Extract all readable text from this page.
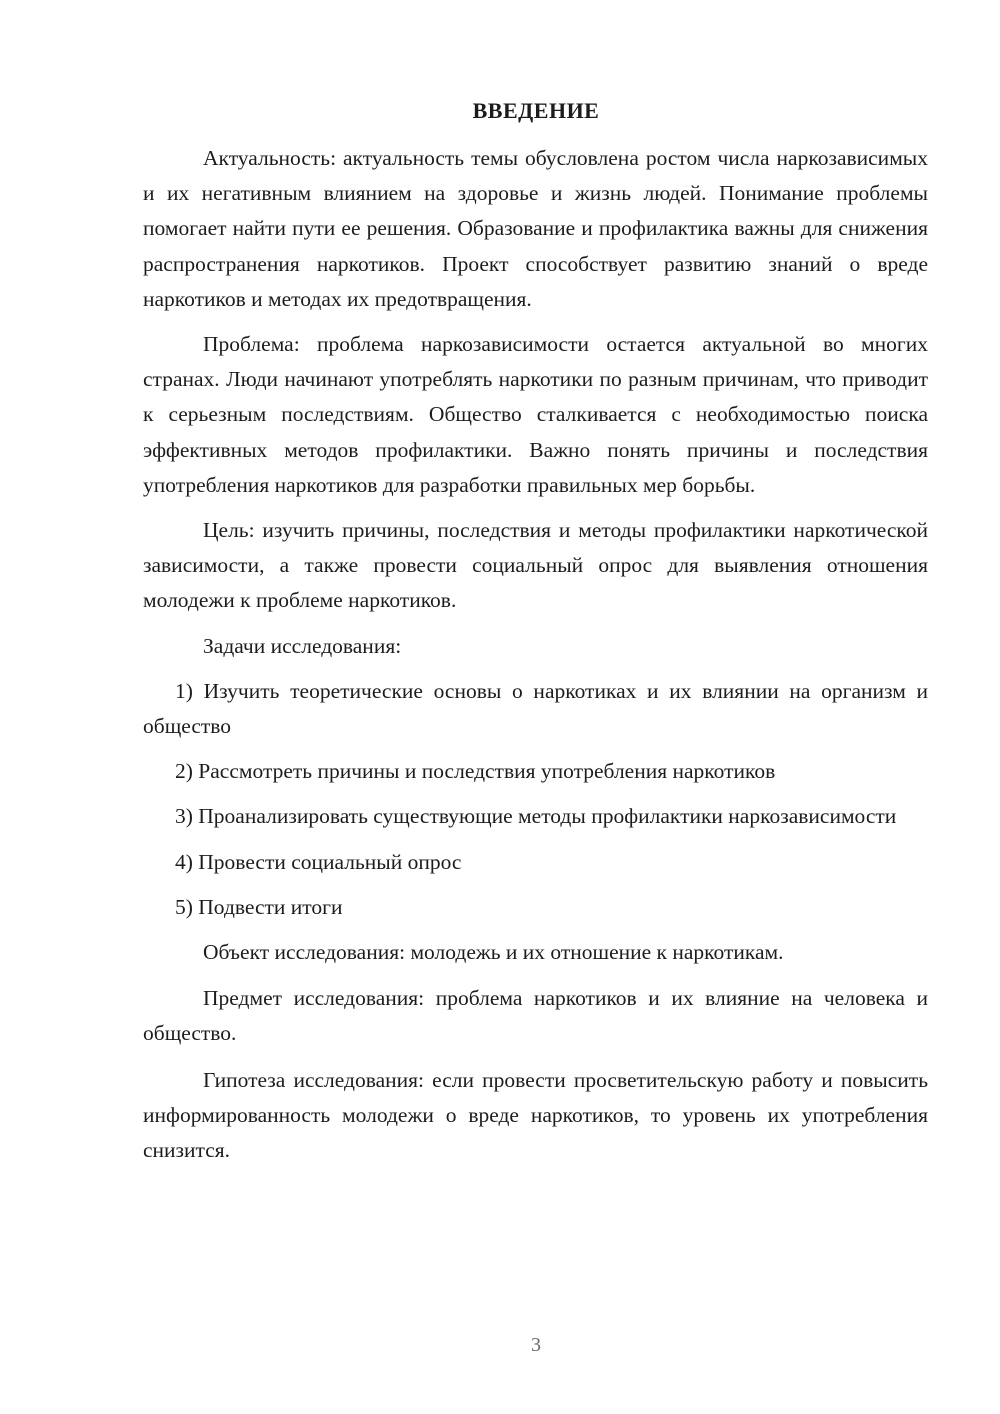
ВВЕДЕНИЕ

Актуальность: актуальность темы обусловлена ростом числа наркозависимых и их негативным влиянием на здоровье и жизнь людей. Понимание проблемы помогает найти пути ее решения. Образование и профилактика важны для снижения распространения наркотиков. Проект способствует развитию знаний о вреде наркотиков и методах их предотвращения.

Проблема: проблема наркозависимости остается актуальной во многих странах. Люди начинают употреблять наркотики по разным причинам, что приводит к серьезным последствиям. Общество сталкивается с необходимостью поиска эффективных методов профилактики. Важно понять причины и последствия употребления наркотиков для разработки правильных мер борьбы.

Цель: изучить причины, последствия и методы профилактики наркотической зависимости, а также провести социальный опрос для выявления отношения молодежи к проблеме наркотиков.

Задачи исследования:

1) Изучить теоретические основы о наркотиках и их влиянии на организм и общество

2) Рассмотреть причины и последствия употребления наркотиков

3) Проанализировать существующие методы профилактики наркозависимости

4) Провести социальный опрос

5) Подвести итоги

Объект исследования: молодежь и их отношение к наркотикам.

Предмет исследования: проблема наркотиков и их влияние на человека и общество.

Гипотеза исследования: если провести просветительскую работу и повысить информированность молодежи о вреде наркотиков, то уровень их употребления снизится.

3
